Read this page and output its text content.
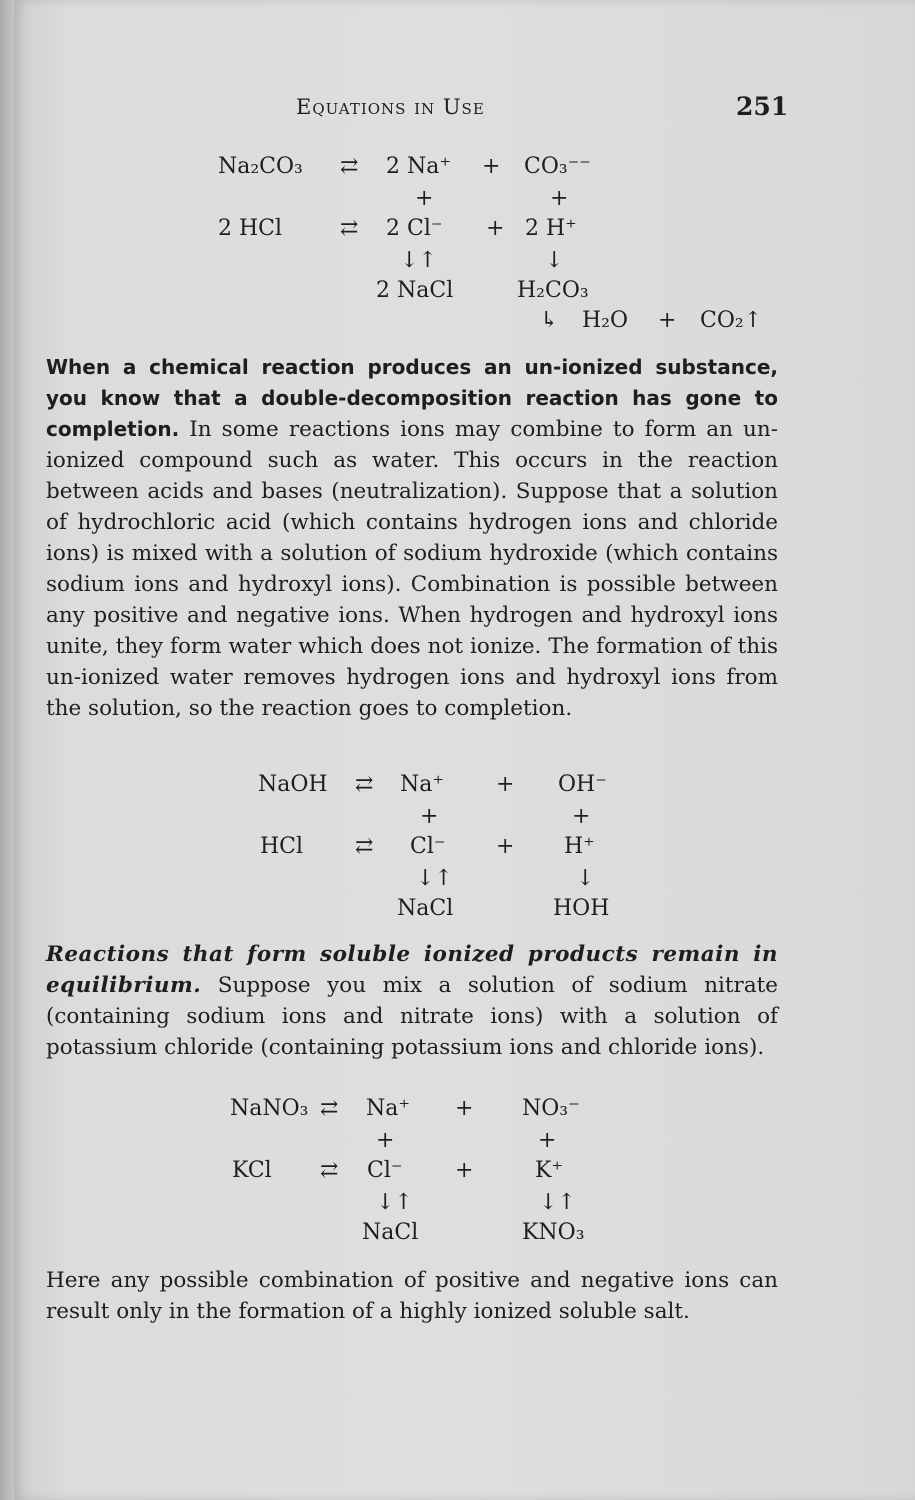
Equations in Use	251
Na₂CO₃ ⇄ 2 Na⁺ + CO₃⁻⁻
+	+
2 HCl	⇄ 2 Cl⁻ + 2 H⁺
↓↑	↓
2 NaCl	H₂CO₃
↳ H₂O + CO₂↑

When a chemical reaction produces an un-ionized substance, you know that a double-decomposition reaction has gone to completion. In some reactions ions may combine to form an un-ionized compound such as water. This occurs in the reaction between acids and bases (neutralization). Suppose that a solution of hydrochloric acid (which contains hydrogen ions and chloride ions) is mixed with a solution of sodium hydroxide (which contains sodium ions and hydroxyl ions). Combination is possible between any positive and negative ions. When hydrogen and hydroxyl ions unite, they form water which does not ionize. The formation of this un-ionized water removes hydrogen ions and hydroxyl ions from the solution, so the reaction goes to completion.

NaOH ⇄ Na⁺ + OH⁻
+	+
HCl ⇄ Cl⁻ + H⁺
↓↑	↓
NaCl	HOH

Reactions that form soluble ionized products remain in equilibrium. Suppose you mix a solution of sodium nitrate (containing sodium ions and nitrate ions) with a solution of potassium chloride (containing potassium ions and chloride ions).

NaNO₃ ⇄ Na⁺ + NO₃⁻
+	+
KCl ⇄ Cl⁻ +	K⁺
↓↑	↓↑
NaCl	KNO₃

Here any possible combination of positive and negative ions can result only in the formation of a highly ionized soluble salt.
